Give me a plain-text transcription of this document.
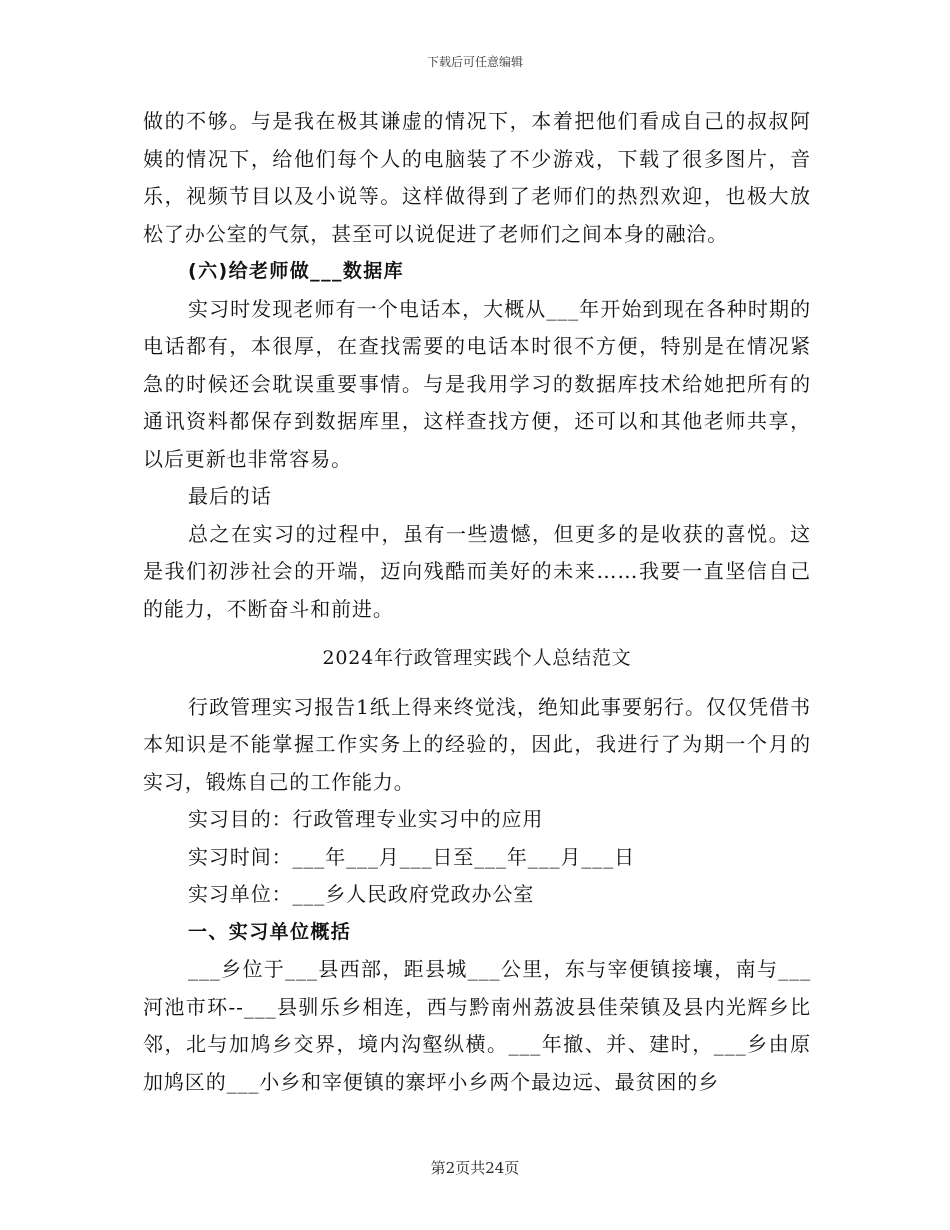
下载后可任意编辑

做的不够。与是我在极其谦虚的情况下，本着把他们看成自己的叔叔阿姨的情况下，给他们每个人的电脑装了不少游戏，下载了很多图片，音乐，视频节目以及小说等。这样做得到了老师们的热烈欢迎，也极大放松了办公室的气氛，甚至可以说促进了老师们之间本身的融洽。

(六)给老师做___数据库

实习时发现老师有一个电话本，大概从___年开始到现在各种时期的电话都有，本很厚，在查找需要的电话本时很不方便，特别是在情况紧急的时候还会耽误重要事情。与是我用学习的数据库技术给她把所有的通讯资料都保存到数据库里，这样查找方便，还可以和其他老师共享，以后更新也非常容易。

最后的话

总之在实习的过程中，虽有一些遗憾，但更多的是收获的喜悦。这是我们初涉社会的开端，迈向残酷而美好的未来……我要一直坚信自己的能力，不断奋斗和前进。

2024年行政管理实践个人总结范文

行政管理实习报告1纸上得来终觉浅，绝知此事要躬行。仅仅凭借书本知识是不能掌握工作实务上的经验的，因此，我进行了为期一个月的实习，锻炼自己的工作能力。

实习目的：行政管理专业实习中的应用

实习时间：___年___月___日至___年___月___日

实习单位：___乡人民政府党政办公室

一、实习单位概括

___乡位于___县西部，距县城___公里，东与宰便镇接壤，南与___河池市环--___县驯乐乡相连，西与黔南州荔波县佳荣镇及县内光辉乡比邻，北与加鸠乡交界，境内沟壑纵横。___年撤、并、建时，___乡由原加鸠区的___小乡和宰便镇的寨坪小乡两个最边远、最贫困的乡

第2页共24页
